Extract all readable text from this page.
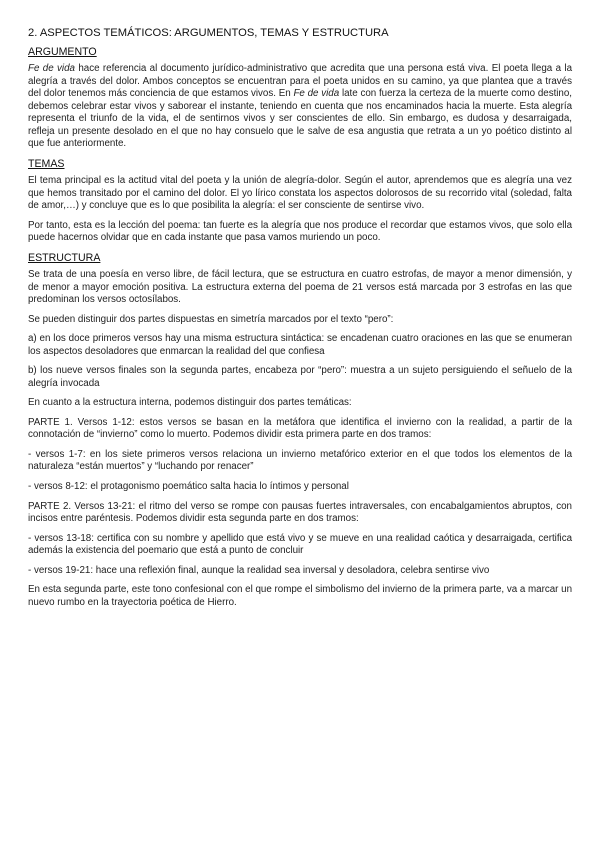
2. ASPECTOS TEMÁTICOS: ARGUMENTOS, TEMAS Y ESTRUCTURA
ARGUMENTO

Fe de vida hace referencia al documento jurídico-administrativo que acredita que una persona está viva. El poeta llega a la alegría a través del dolor. Ambos conceptos se encuentran para el poeta unidos en su camino, ya que plantea que a través del dolor tenemos más conciencia de que estamos vivos. En Fe de vida late con fuerza la certeza de la muerte como destino, debemos celebrar estar vivos y saborear el instante, teniendo en cuenta que nos encaminados hacia la muerte. Esta alegría representa el triunfo de la vida, el de sentirnos vivos y ser conscientes de ello. Sin embargo, es dudosa y desarraigada, refleja un presente desolado en el que no hay consuelo que le salve de esa angustia que retrata a un yo poético distinto al que fue anteriormente.

TEMAS

El tema principal es la actitud vital del poeta y la unión de alegría-dolor. Según el autor, aprendemos que es alegría una vez que hemos transitado por el camino del dolor. El yo lírico constata los aspectos dolorosos de su recorrido vital (soledad, falta de amor,…) y concluye que es lo que posibilita la alegría: el ser consciente de sentirse vivo.

Por tanto, esta es la lección del poema: tan fuerte es la alegría que nos produce el recordar que estamos vivos, que solo ella puede hacernos olvidar que en cada instante que pasa vamos muriendo un poco.

ESTRUCTURA

Se trata de una poesía en verso libre, de fácil lectura, que se estructura en cuatro estrofas, de mayor a menor dimensión, y de menor a mayor emoción positiva. La estructura externa del poema de 21 versos está marcada por 3 estrofas en las que predominan los versos octosílabos.

Se pueden distinguir dos partes dispuestas en simetría marcados por el texto “pero”:

a) en los doce primeros versos hay una misma estructura sintáctica: se encadenan cuatro oraciones en las que se enumeran los aspectos desoladores que enmarcan la realidad del que confiesa

b) los nueve versos finales son la segunda partes, encabeza por “pero”: muestra a un sujeto persiguiendo el señuelo de la alegría invocada

En cuanto a la estructura interna, podemos distinguir dos partes temáticas:

PARTE 1. Versos 1-12: estos versos se basan en la metáfora que identifica el invierno con la realidad, a partir de la connotación de “invierno” como lo muerto. Podemos dividir esta primera parte en dos tramos:

- versos 1-7: en los siete primeros versos relaciona un invierno metafórico exterior en el que todos los elementos de la naturaleza “están muertos” y “luchando por renacer”

- versos 8-12: el protagonismo poemático salta hacia lo íntimos y personal

PARTE 2. Versos 13-21: el ritmo del verso se rompe con pausas fuertes intraversales, con encabalgamientos abruptos, con incisos entre paréntesis. Podemos dividir esta segunda parte en dos tramos:

- versos 13-18: certifica con su nombre y apellido que está vivo y se mueve en una realidad caótica y desarraigada, certifica además la existencia del poemario que está a punto de concluir

- versos 19-21: hace una reflexión final, aunque la realidad sea inversal y desoladora, celebra sentirse vivo

En esta segunda parte, este tono confesional con el que rompe el simbolismo del invierno de la primera parte, va a marcar un nuevo rumbo en la trayectoria poética de Hierro.
